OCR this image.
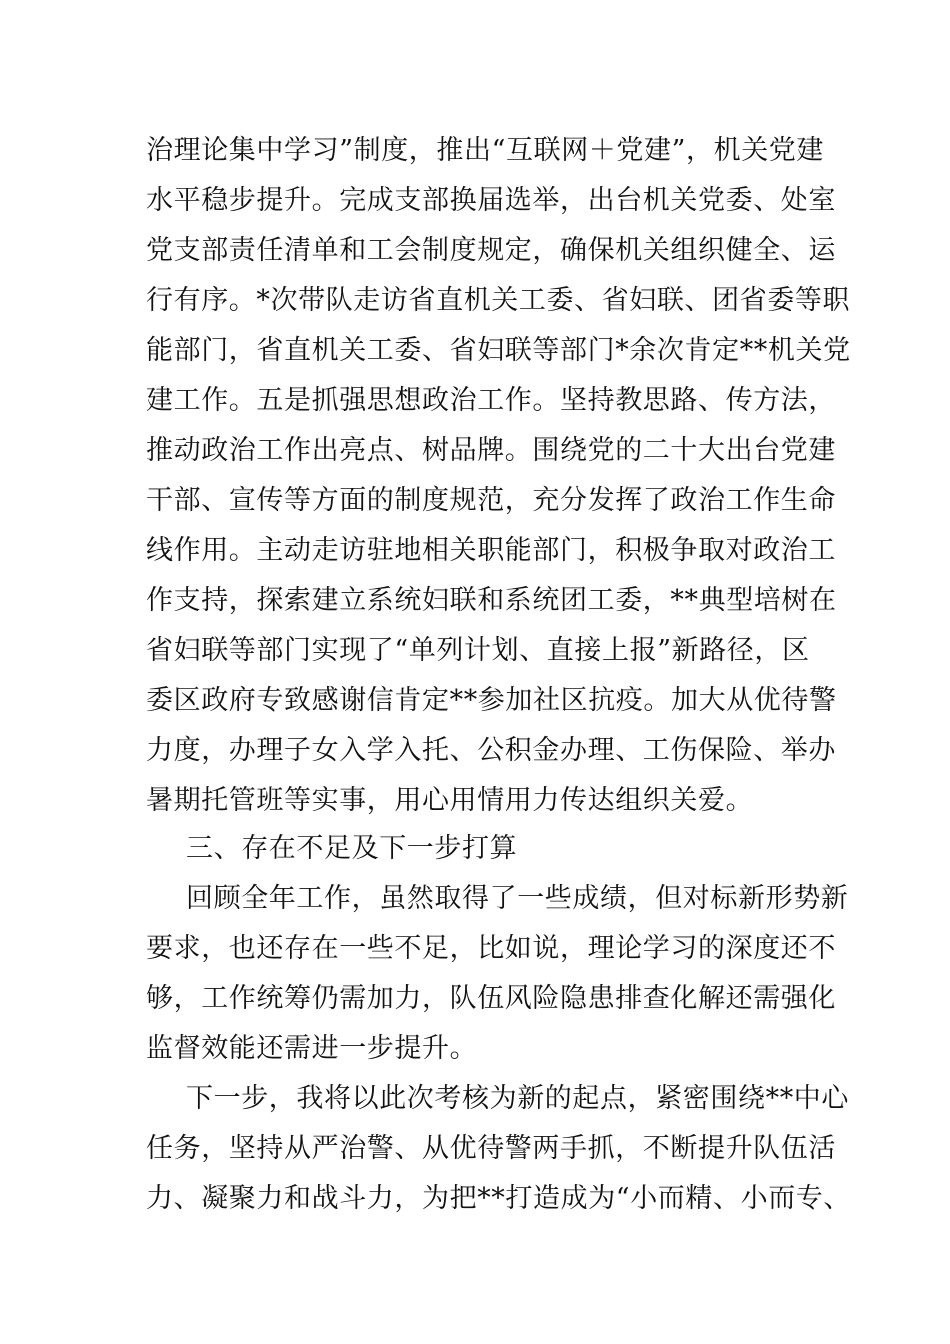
治理论集中学习”制度，推出“互联网＋党建”，机关党建

水平稳步提升。完成支部换届选举，出台机关党委、处室

党支部责任清单和工会制度规定，确保机关组织健全、运

行有序。*次带队走访省直机关工委、省妇联、团省委等职

能部门，省直机关工委、省妇联等部门*余次肯定**机关党

建工作。五是抓强思想政治工作。坚持教思路、传方法，

推动政治工作出亮点、树品牌。围绕党的二十大出台党建

干部、宣传等方面的制度规范，充分发挥了政治工作生命

线作用。主动走访驻地相关职能部门，积极争取对政治工

作支持，探索建立系统妇联和系统团工委，**典型培树在

省妇联等部门实现了“单列计划、直接上报”新路径，区

委区政府专致感谢信肯定**参加社区抗疫。加大从优待警

力度，办理子女入学入托、公积金办理、工伤保险、举办

暑期托管班等实事，用心用情用力传达组织关爱。

三、存在不足及下一步打算

回顾全年工作，虽然取得了一些成绩，但对标新形势新

要求，也还存在一些不足，比如说，理论学习的深度还不

够，工作统筹仍需加力，队伍风险隐患排查化解还需强化

监督效能还需进一步提升。

下一步，我将以此次考核为新的起点，紧密围绕**中心

任务，坚持从严治警、从优待警两手抓，不断提升队伍活

力、凝聚力和战斗力，为把**打造成为“小而精、小而专、
